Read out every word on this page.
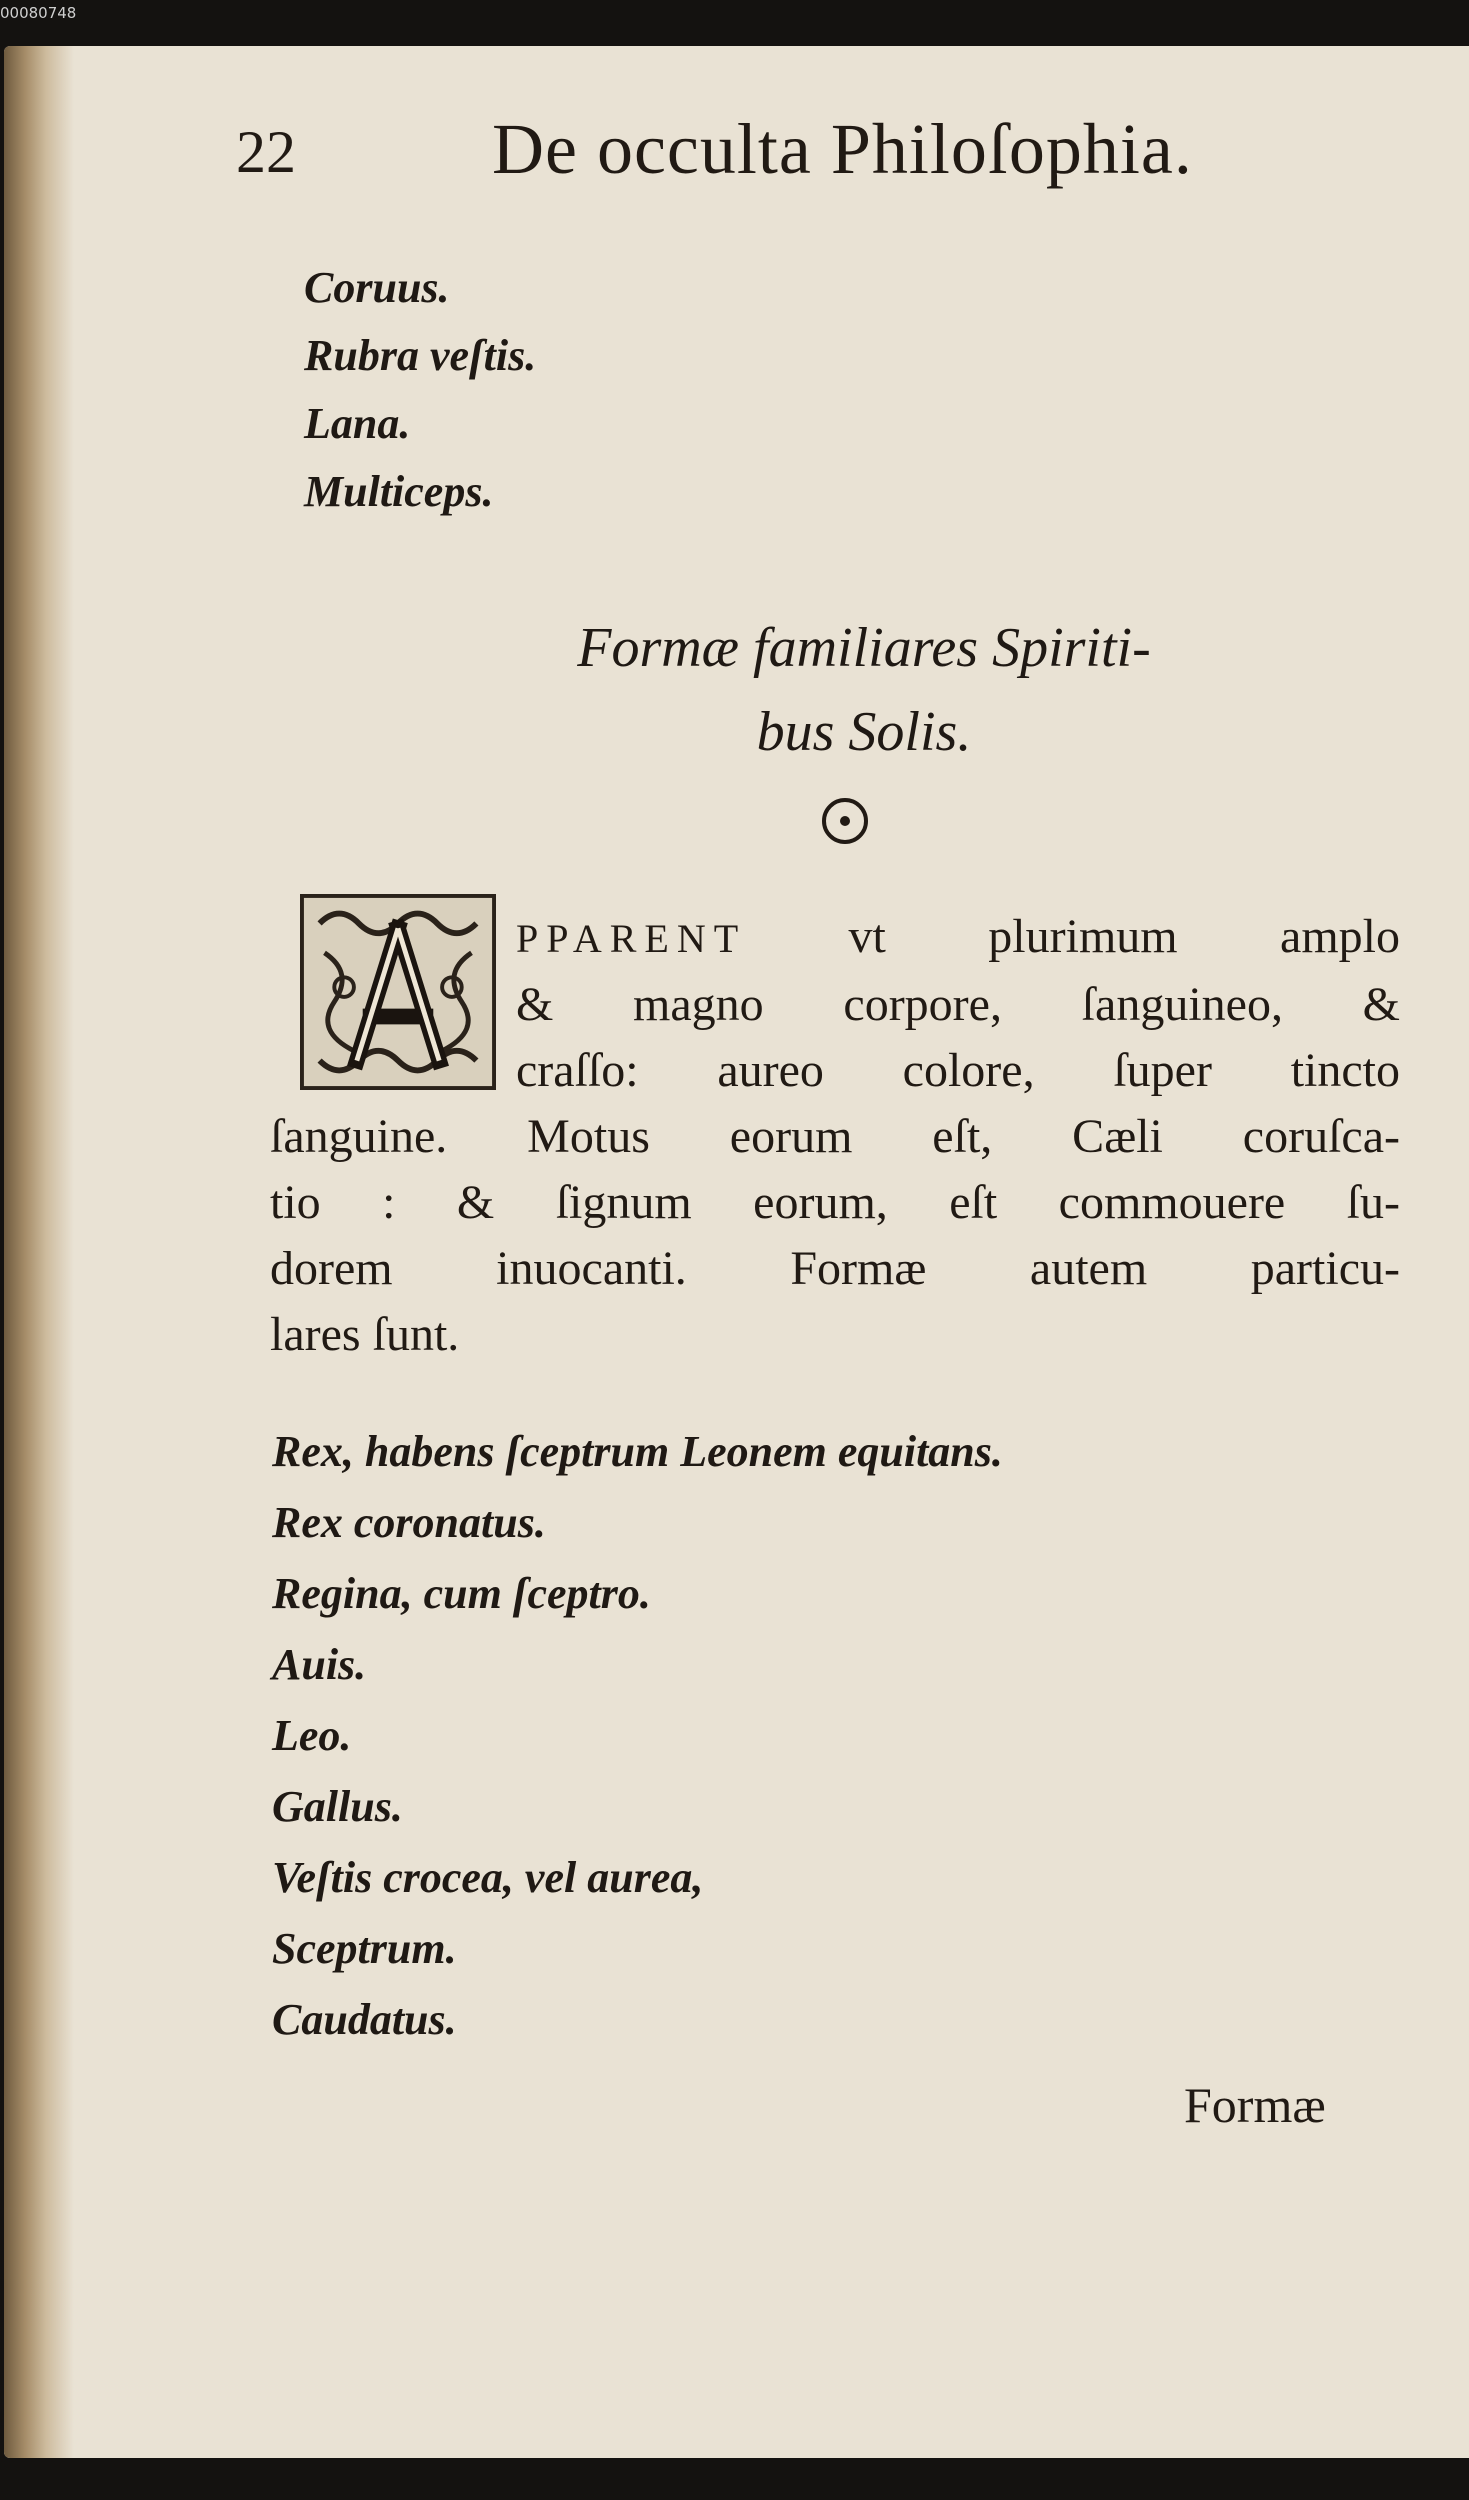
00080748

22	De occulta Philoſophia.
Coruus.
Rubra veſtis.
Lana.
Multiceps.
Formæ familiares Spiriti-
bus Solis.
PPARENT vt plurimum amplo
& magno corpore, ſanguineo, &
craſſo: aureo colore, ſuper tincto
ſanguine. Motus eorum eſt, Cæli coruſca-
tio : & ſignum eorum, eſt commouere ſu-
dorem inuocanti. Formæ autem particu-
lares ſunt.
Rex, habens ſceptrum Leonem equitans.
Rex coronatus.
Regina, cum ſceptro.
Auis.
Leo.
Gallus.
Veſtis crocea, vel aurea,
Sceptrum.
Caudatus.
Formæ
